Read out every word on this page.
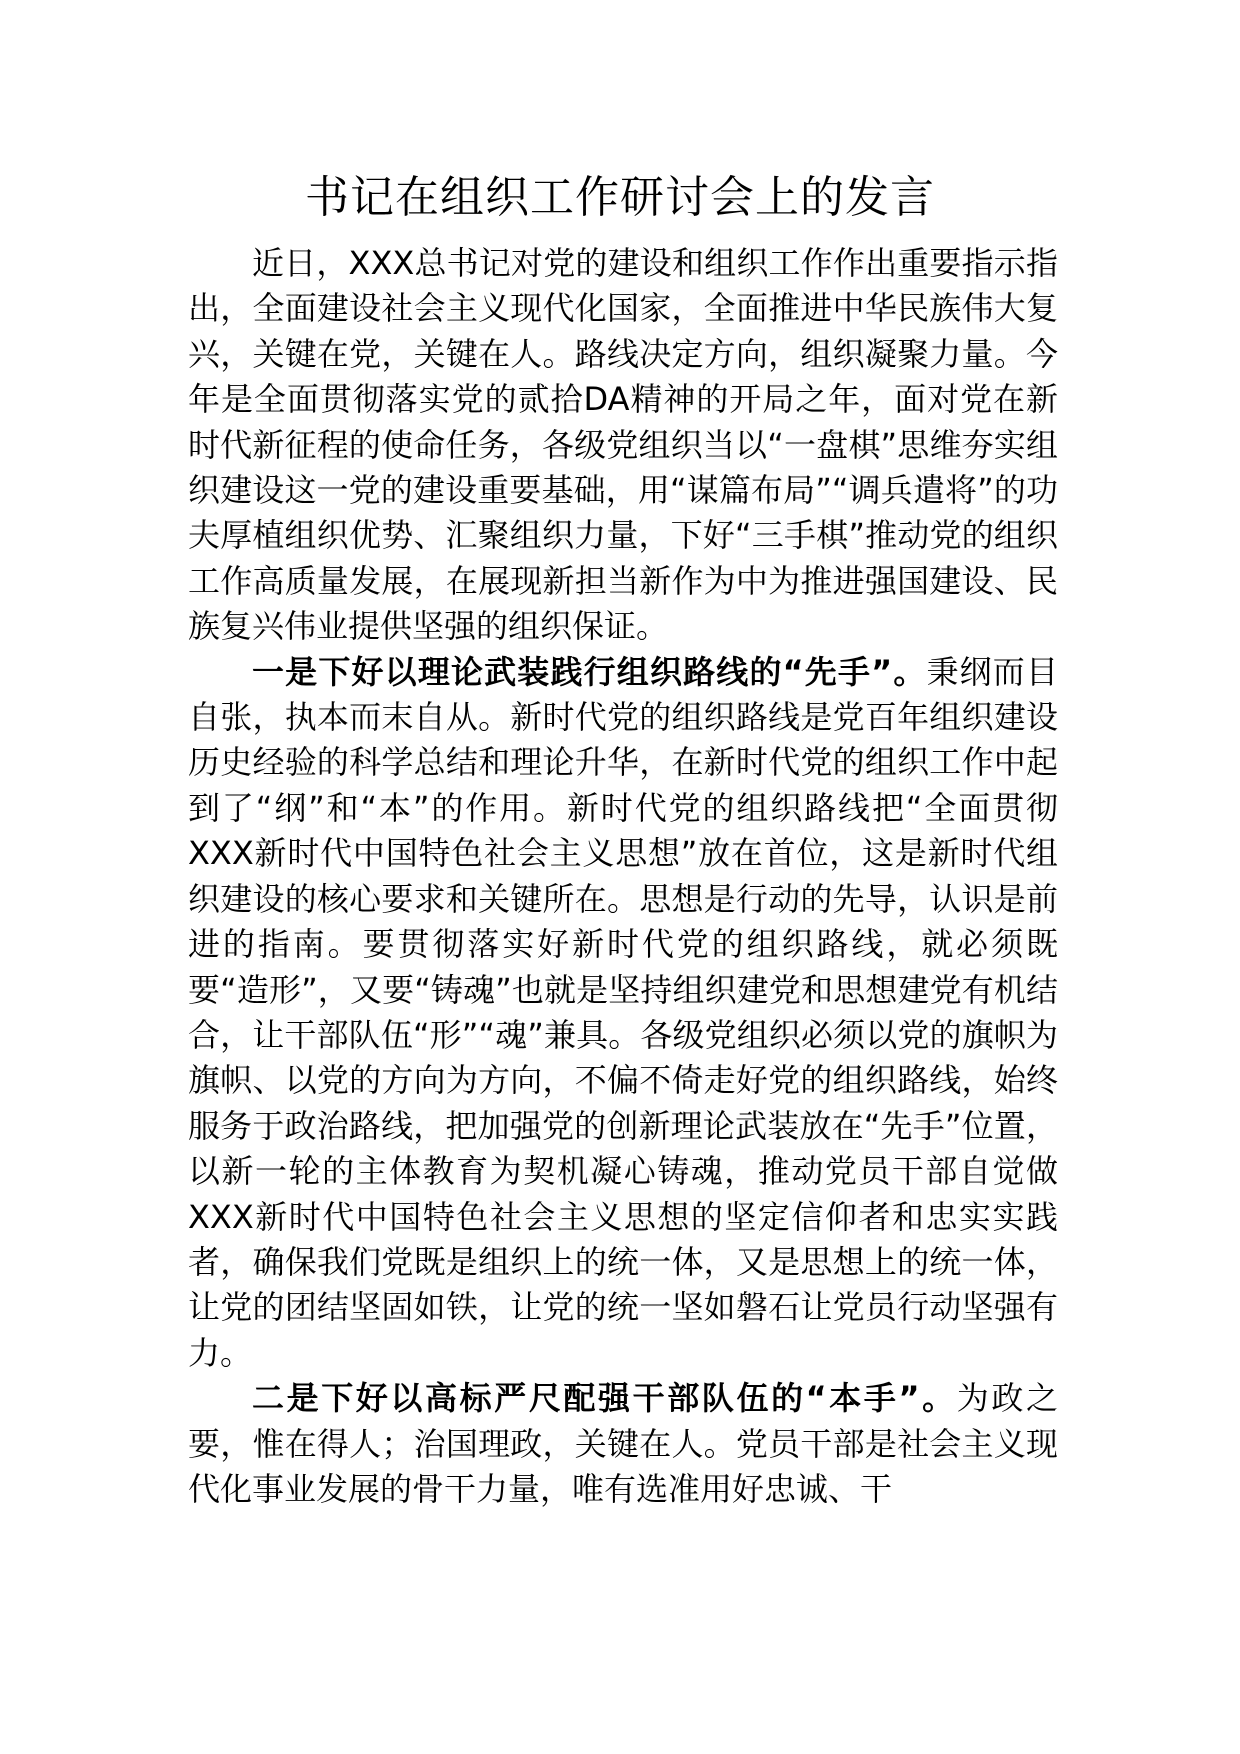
书记在组织工作研讨会上的发言

近日，XXX总书记对党的建设和组织工作作出重要指示指出，全面建设社会主义现代化国家，全面推进中华民族伟大复兴，关键在党，关键在人。路线决定方向，组织凝聚力量。今年是全面贯彻落实党的贰拾DA精神的开局之年，面对党在新时代新征程的使命任务，各级党组织当以“一盘棋”思维夯实组织建设这一党的建设重要基础，用“谋篇布局”“调兵遣将”的功夫厚植组织优势、汇聚组织力量，下好“三手棋”推动党的组织工作高质量发展，在展现新担当新作为中为推进强国建设、民族复兴伟业提供坚强的组织保证。

一是下好以理论武装践行组织路线的“先手”。秉纲而目自张，执本而末自从。新时代党的组织路线是党百年组织建设历史经验的科学总结和理论升华，在新时代党的组织工作中起到了“纲”和“本”的作用。新时代党的组织路线把“全面贯彻XXX新时代中国特色社会主义思想”放在首位，这是新时代组织建设的核心要求和关键所在。思想是行动的先导，认识是前进的指南。要贯彻落实好新时代党的组织路线，就必须既要“造形”，又要“铸魂”也就是坚持组织建党和思想建党有机结合，让干部队伍“形”“魂”兼具。各级党组织必须以党的旗帜为旗帜、以党的方向为方向，不偏不倚走好党的组织路线，始终服务于政治路线，把加强党的创新理论武装放在“先手”位置，以新一轮的主体教育为契机凝心铸魂，推动党员干部自觉做XXX新时代中国特色社会主义思想的坚定信仰者和忠实实践者，确保我们党既是组织上的统一体，又是思想上的统一体，让党的团结坚固如铁，让党的统一坚如磐石让党员行动坚强有力。

二是下好以高标严尺配强干部队伍的“本手”。为政之要，惟在得人；治国理政，关键在人。党员干部是社会主义现代化事业发展的骨干力量，唯有选准用好忠诚、干
